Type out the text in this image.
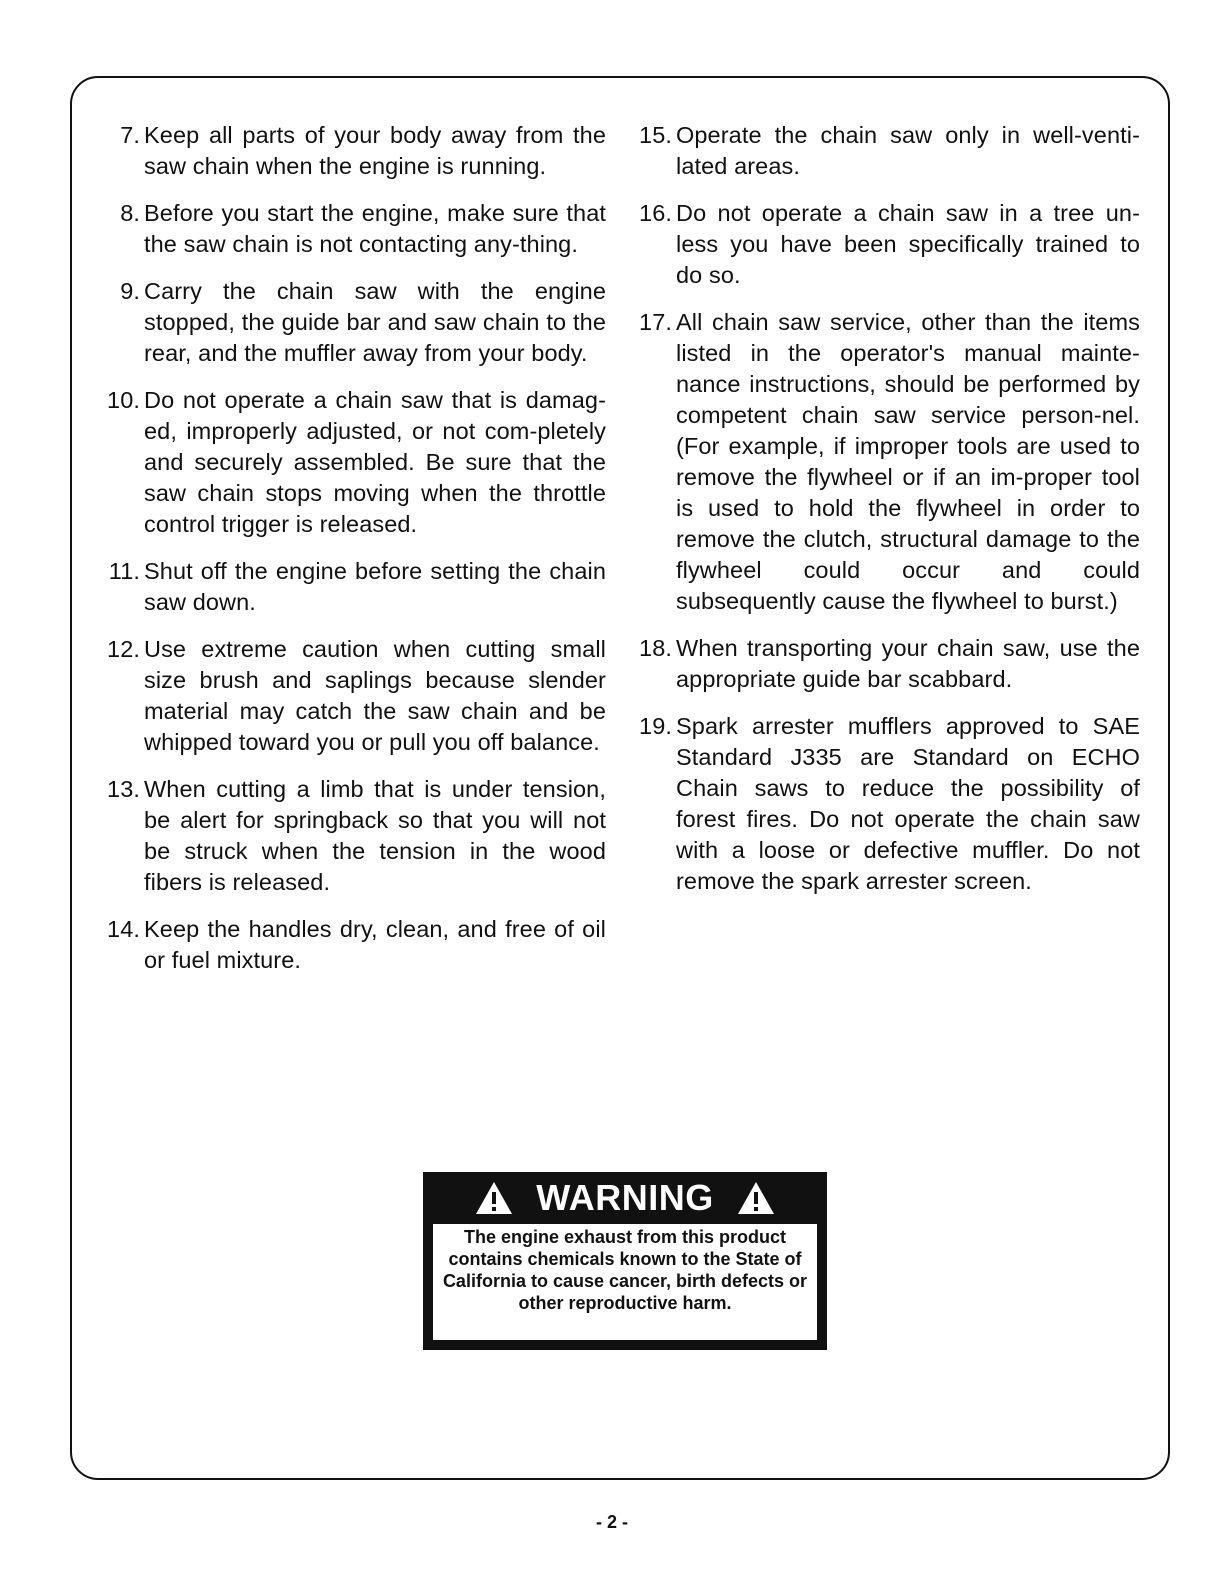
7. Keep all parts of your body away from the saw chain when the engine is running.
8. Before you start the engine, make sure that the saw chain is not contacting any-thing.
9. Carry the chain saw with the engine stopped, the guide bar and saw chain to the rear, and the muffler away from your body.
10. Do not operate a chain saw that is damag-ed, improperly adjusted, or not com-pletely and securely assembled. Be sure that the saw chain stops moving when the throttle control trigger is released.
11. Shut off the engine before setting the chain saw down.
12. Use extreme caution when cutting small size brush and saplings because slender material may catch the saw chain and be whipped toward you or pull you off balance.
13. When cutting a limb that is under tension, be alert for springback so that you will not be struck when the tension in the wood fibers is released.
14. Keep the handles dry, clean, and free of oil or fuel mixture.
15. Operate the chain saw only in well-venti-lated areas.
16. Do not operate a chain saw in a tree un-less you have been specifically trained to do so.
17. All chain saw service, other than the items listed in the operator's manual mainte-nance instructions, should be performed by competent chain saw service person-nel. (For example, if improper tools are used to remove the flywheel or if an im-proper tool is used to hold the flywheel in order to remove the clutch, structural damage to the flywheel could occur and could subsequently cause the flywheel to burst.)
18. When transporting your chain saw, use the appropriate guide bar scabbard.
19. Spark arrester mufflers approved to SAE Standard J335 are Standard on ECHO Chain saws to reduce the possibility of forest fires. Do not operate the chain saw with a loose or defective muffler. Do not remove the spark arrester screen.
WARNING
The engine exhaust from this product contains chemicals known to the State of California to cause cancer, birth defects or other reproductive harm.
- 2 -
